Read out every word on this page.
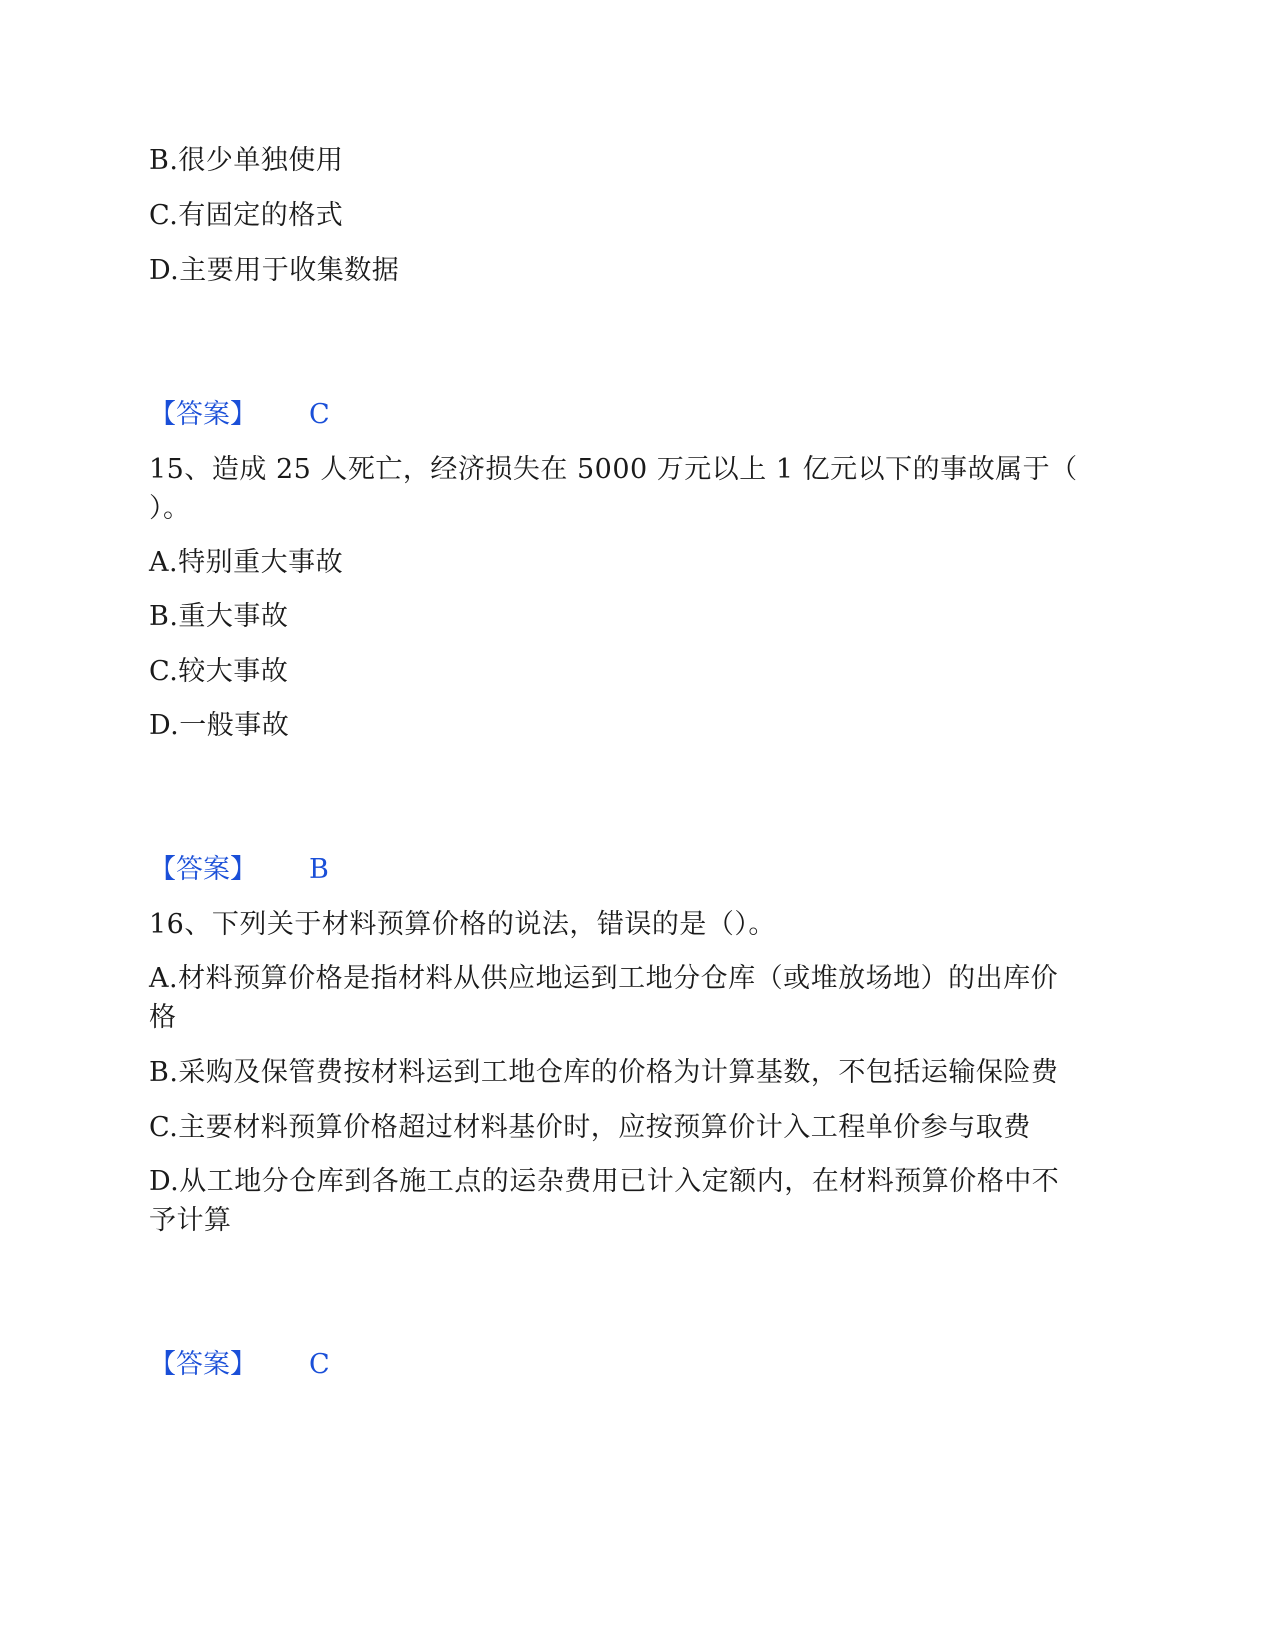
B.很少单独使用
C.有固定的格式
D.主要用于收集数据
【答案】 C
15、造成 25 人死亡，经济损失在 5000 万元以上 1 亿元以下的事故属于（
）。
A.特别重大事故
B.重大事故
C.较大事故
D.一般事故
【答案】 B
16、下列关于材料预算价格的说法，错误的是（）。
A.材料预算价格是指材料从供应地运到工地分仓库（或堆放场地）的出库价
格
B.采购及保管费按材料运到工地仓库的价格为计算基数，不包括运输保险费
C.主要材料预算价格超过材料基价时，应按预算价计入工程单价参与取费
D.从工地分仓库到各施工点的运杂费用已计入定额内，在材料预算价格中不
予计算
【答案】 C
